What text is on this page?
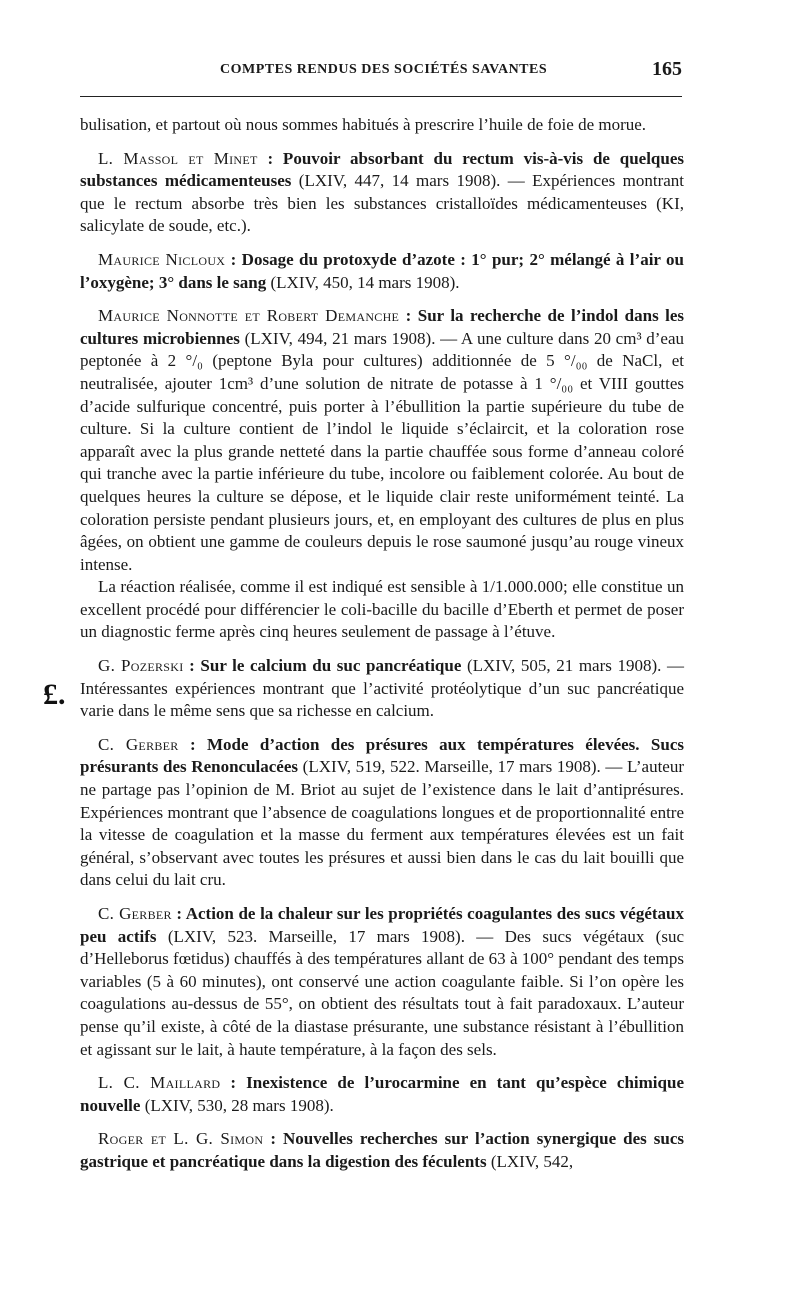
COMPTES RENDUS DES SOCIÉTÉS SAVANTES	165
£.

bulisation, et partout où nous sommes habitués à prescrire l’huile de foie de morue.

L. Massol et Minet : Pouvoir absorbant du rectum vis-à-vis de quelques substances médicamenteuses (LXIV, 447, 14 mars 1908). — Expériences montrant que le rectum absorbe très bien les substances cristalloïdes médicamenteuses (KI, salicylate de soude, etc.).

Maurice Nicloux : Dosage du protoxyde d’azote : 1° pur; 2° mélangé à l’air ou l’oxygène; 3° dans le sang (LXIV, 450, 14 mars 1908).

Maurice Nonnotte et Robert Demanche : Sur la recherche de l’indol dans les cultures microbiennes (LXIV, 494, 21 mars 1908). — A une culture dans 20 cm³ d’eau peptonée à 2 °/₀ (peptone Byla pour cultures) additionnée de 5 °/₀₀ de NaCl, et neutralisée, ajouter 1cm³ d’une solution de nitrate de potasse à 1 °/₀₀ et VIII gouttes d’acide sulfurique concentré, puis porter à l’ébullition la partie supérieure du tube de culture. Si la culture contient de l’indol le liquide s’éclaircit, et la coloration rose apparaît avec la plus grande netteté dans la partie chauffée sous forme d’anneau coloré qui tranche avec la partie inférieure du tube, incolore ou faiblement colorée. Au bout de quelques heures la culture se dépose, et le liquide clair reste uniformément teinté. La coloration persiste pendant plusieurs jours, et, en employant des cultures de plus en plus âgées, on obtient une gamme de couleurs depuis le rose saumoné jusqu’au rouge vineux intense.

La réaction réalisée, comme il est indiqué est sensible à 1/1.000.000; elle constitue un excellent procédé pour différencier le coli-bacille du bacille d’Eberth et permet de poser un diagnostic ferme après cinq heures seulement de passage à l’étuve.

G. Pozerski : Sur le calcium du suc pancréatique (LXIV, 505, 21 mars 1908). — Intéressantes expériences montrant que l’activité protéolytique d’un suc pancréatique varie dans le même sens que sa richesse en calcium.

C. Gerber : Mode d’action des présures aux températures élevées. Sucs présurants des Renonculacées (LXIV, 519, 522. Marseille, 17 mars 1908). — L’auteur ne partage pas l’opinion de M. Briot au sujet de l’existence dans le lait d’antiprésures. Expériences montrant que l’absence de coagulations longues et de proportionnalité entre la vitesse de coagulation et la masse du ferment aux températures élevées est un fait général, s’observant avec toutes les présures et aussi bien dans le cas du lait bouilli que dans celui du lait cru.

C. Gerber : Action de la chaleur sur les propriétés coagulantes des sucs végétaux peu actifs (LXIV, 523. Marseille, 17 mars 1908). — Des sucs végétaux (suc d’Helleborus fœtidus) chauffés à des températures allant de 63 à 100° pendant des temps variables (5 à 60 minutes), ont conservé une action coagulante faible. Si l’on opère les coagulations au-dessus de 55°, on obtient des résultats tout à fait paradoxaux. L’auteur pense qu’il existe, à côté de la diastase présurante, une substance résistant à l’ébullition et agissant sur le lait, à haute température, à la façon des sels.

L. C. Maillard : Inexistence de l’urocarmine en tant qu’espèce chimique nouvelle (LXIV, 530, 28 mars 1908).

Roger et L. G. Simon : Nouvelles recherches sur l’action synergique des sucs gastrique et pancréatique dans la digestion des féculents (LXIV, 542,
